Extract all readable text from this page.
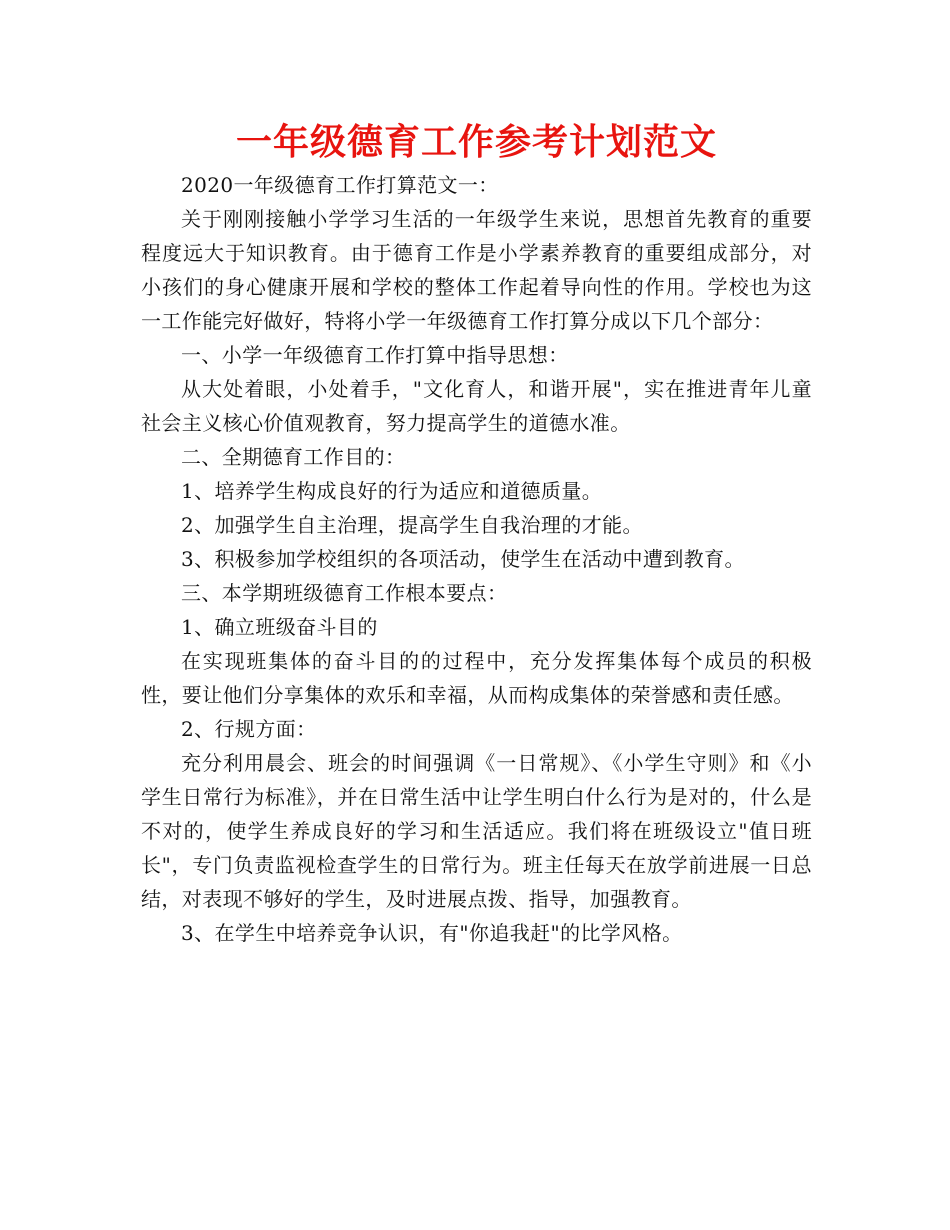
一年级德育工作参考计划范文

2020一年级德育工作打算范文一：

关于刚刚接触小学学习生活的一年级学生来说，思想首先教育的重要程度远大于知识教育。由于德育工作是小学素养教育的重要组成部分，对小孩们的身心健康开展和学校的整体工作起着导向性的作用。学校也为这一工作能完好做好，特将小学一年级德育工作打算分成以下几个部分：

一、小学一年级德育工作打算中指导思想：

从大处着眼，小处着手，"文化育人，和谐开展"，实在推进青年儿童社会主义核心价值观教育，努力提高学生的道德水准。

二、全期德育工作目的：

1、培养学生构成良好的行为适应和道德质量。

2、加强学生自主治理，提高学生自我治理的才能。

3、积极参加学校组织的各项活动，使学生在活动中遭到教育。

三、本学期班级德育工作根本要点：

1、确立班级奋斗目的

在实现班集体的奋斗目的的过程中，充分发挥集体每个成员的积极性，要让他们分享集体的欢乐和幸福，从而构成集体的荣誉感和责任感。

2、行规方面：

充分利用晨会、班会的时间强调《一日常规》、《小学生守则》和《小学生日常行为标准》，并在日常生活中让学生明白什么行为是对的，什么是不对的，使学生养成良好的学习和生活适应。我们将在班级设立"值日班长"，专门负责监视检查学生的日常行为。班主任每天在放学前进展一日总结，对表现不够好的学生，及时进展点拨、指导，加强教育。

3、在学生中培养竞争认识，有"你追我赶"的比学风格。
